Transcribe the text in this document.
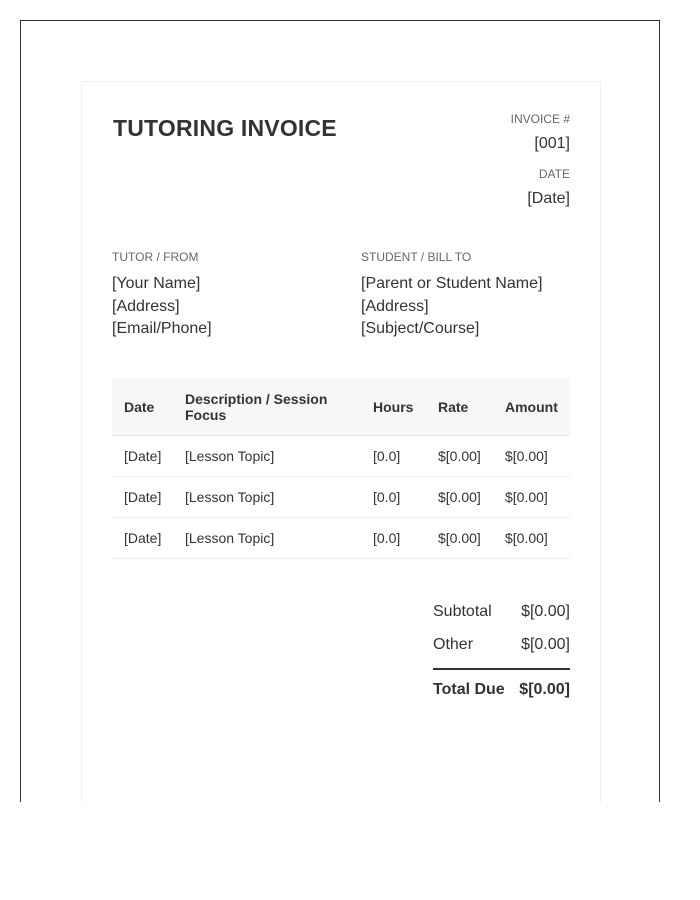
TUTORING INVOICE	INVOICE #
[001]
DATE
[Date]
TUTOR / FROM
[Your Name]
[Address]
[Email/Phone]
STUDENT / BILL TO
[Parent or Student Name]
[Address]
[Subject/Course]
Date	Description / Session Focus	Hours	Rate	Amount
[Date]	[Lesson Topic]	[0.0]	$[0.00]	$[0.00]
[Date]	[Lesson Topic]	[0.0]	$[0.00]	$[0.00]
[Date]	[Lesson Topic]	[0.0]	$[0.00]	$[0.00]
Subtotal $[0.00]
Other	$[0.00]
Total Due $[0.00]
